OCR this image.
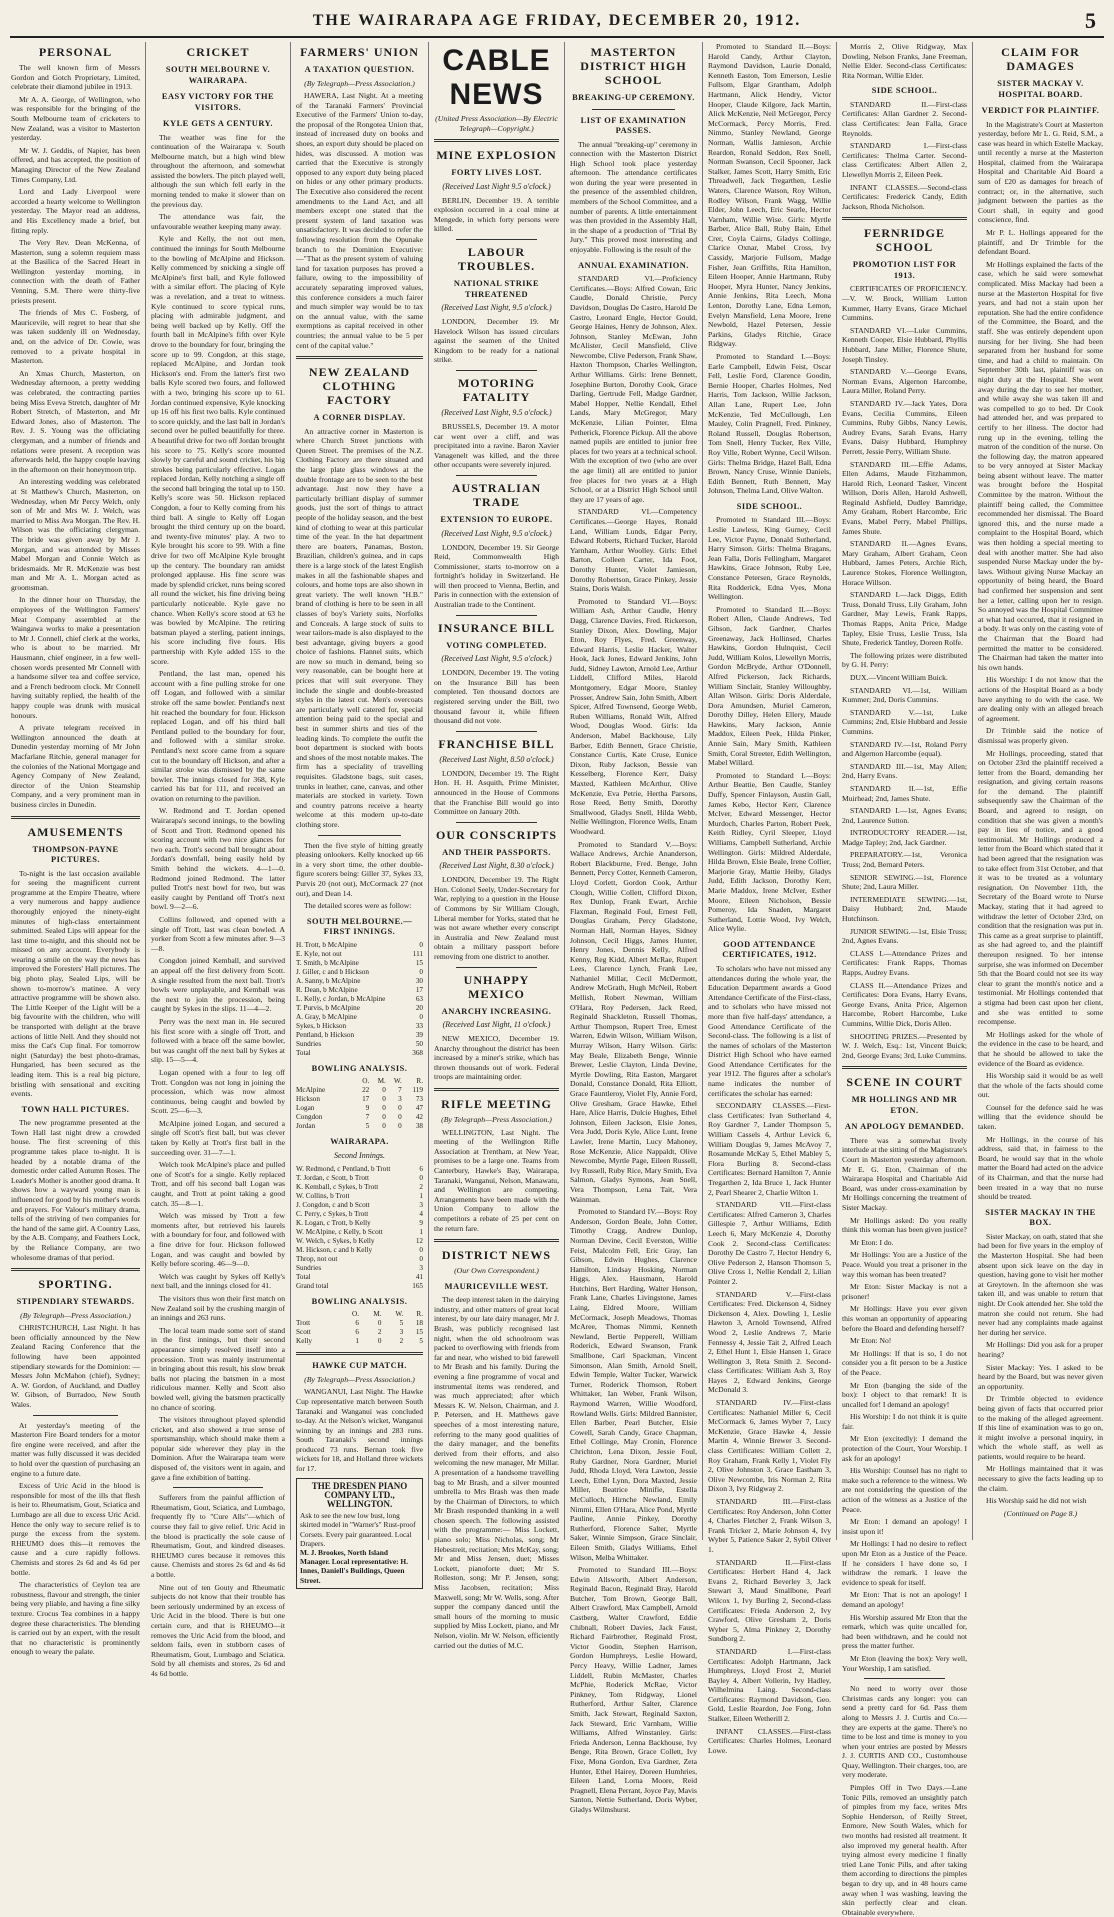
THE WAIRARAPA AGE FRIDAY, DECEMBER 20, 1912.	5
PERSONAL

The well known firm of Messrs Gordon and Gotch Proprietary, Limited, celebrate their diamond jubilee in 1913.

Mr A. A. George, of Wellington, who was responsible for the bringing of the South Melbourne team of cricketers to New Zealand, was a visitor to Masterton yesterday.

Mr W. J. Geddis, of Napier, has been offered, and has accepted, the position of Managing Director of the New Zealand Times Company, Ltd.

Lord and Lady Liverpool were accorded a hearty welcome to Wellington yesterday. The Mayor read an address, and His Excellency made a brief, but fitting reply.

The Very Rev. Dean McKenna, of Masterton, sung a solemn requiem mass at the Basilica of the Sacred Heart in Wellington yesterday morning, in connection with the death of Father Venning, S.M. There were thirty-five priests present.

The friends of Mrs C. Fosberg, of Mauricevile, will regret to hear that she was taken suddenly ill on Wednesday, and, on the advice of Dr. Cowie, was removed to a private hospital in Masterton.

An Xmas Church, Masterton, on Wednesday afternoon, a pretty wedding was celebrated, the contracting parties being Miss Eveva Stretch, daughter of Mr Robert Stretch, of Masterton, and Mr Edward Jones, also of Masterton. The Rev. J. S. Young was the officiating clergyman, and a number of friends and relations were present. A reception was afterwards held, the happy couple leaving in the afternoon on their honeymoon trip.

An interesting wedding was celebrated at St Matthew's Church, Masterton, on Wednesday, when Mr Percy Welch, only son of Mr and Mrs W. J. Welch, was married to Miss Ava Morgan. The Rev. H. Wilson was the officiating clergyman. The bride was given away by Mr J. Morgan, and was attended by Misses Mabel Morgan and Connie Welch as bridesmaids. Mr R. McKenzie was best man and Mr A. L. Morgan acted as groomsman.

In the dinner hour on Thursday, the employees of the Wellington Farmers' Meat Company assembled at the Waingawa works to make a presentation to Mr J. Connell, chief clerk at the works, who is about to be married. Mr Hausmann, chief engineer, in a few well-chosen words presented Mr Connell with a handsome silver tea and coffee service, and a French bedroom clock. Mr Connell having suitably replied, the health of the happy couple was drunk with musical honours.

A private telegram received in Wellington announced the death at Dunedin yesterday morning of Mr John Macfarlane Ritchie, general manager for the colonies of the National Mortgage and Agency Company of New Zealand, director of the Union Steamship Company, and a very prominent man in business circles in Dunedin.

AMUSEMENTS
THOMPSON-PAYNE PICTURES.

To-night is the last occasion available for seeing the magnificent current programme at the Empire Theatre, where a very numerous and happy audience thoroughly enjoyed the ninety-eight minutes of high-class entertainment submitted. Sealed Lips will appear for the last time to-night, and this should not be missed on any account. Everybody is wearing a smile on the way the news has improved the Foresters' Hall pictures. The big photo play, Sealed Lips, will be shown to-morrow's matinee. A very attractive programme will be shown also. The Little Keeper of the Light will be a big favourite with the children, who will be transported with delight at the brave actions of little Nell. And they should not miss the Cat's Cup final. For tomorrow night (Saturday) the best photo-dramas, Hungaried, has been secured as the leading item. This is a real big picture, bristling with sensational and exciting events.

TOWN HALL PICTURES.

The new programme presented at the Town Hall last night drew a crowded house. The first screening of this programme takes place to-night. It is headed by a notable drama of the domestic order called Autumn Roses. The Leader's Mother is another good drama. It shows how a wayward young man is influenced for good by his mother's words and prayers. For Valour's military drama, tells of the striving of two companies for the hand of the same girl. A Country Lass, by the A.B. Company, and Feathers Lock, by the Reliance Company, are two wholesome dramas of that period.

SPORTING.
STIPENDIARY STEWARDS.
(By Telegraph—Press Association.)

CHRISTCHURCH, Last Night. It has been officially announced by the New Zealand Racing Conference that the following have been appointed stipendiary stewards for the Dominion: —Messrs John McMahon (chief), Sydney; A. W. Gordon, of Auckland, and Dudley W. Gibson, of Burradoo, New South Wales.

At yesterday's meeting of the Masterton Fire Board tenders for a motor fire engine were received, and after the matter was fully discussed it was decided to hold over the question of purchasing an engine to a future date.

Excess of Uric Acid in the blood is responsible for most of the ills that flesh is heir to. Rheumatism, Gout, Sciatica and Lumbago are all due to excess Uric Acid. Hence the only way to secure relief is to purge the excess from the system. RHEUMO does this—it removes the cause and a cure rapidly follows. Chemists and stores 2s 6d and 4s 6d per bottle.

The characteristics of Ceylon tea are robustness, flavour and strength, the tinier being very pliable, and having a fine silky texture. Crocus Tea combines in a happy degree these characteristics. The blending is carried out by an expert, with the result that no characteristic is prominently enough to weary the palate.

CRICKET
SOUTH MELBOURNE V. WAIRARAPA.
EASY VICTORY FOR THE VISITORS.
KYLE GETS A CENTURY.

The weather was fine for the continuation of the Wairarapa v. South Melbourne match, but a high wind blew throughout the afternoon, and somewhat assisted the bowlers. The pitch played well, although the sun which fell early in the morning tended to make it slower than on the previous day.

The attendance was fair, the unfavourable weather keeping many away.

Kyle and Kelly, the not out men, continued the innings for South Melbourne to the bowling of McAlpine and Hickson. Kelly commenced by snicking a single off McAlpine's first ball, and Kyle followed with a similar effort. The placing of Kyle was a revelation, and a treat to witness. Kyle continued to score typical runs, placing with admirable judgment, and being well backed up by Kelly. Off the fourth ball in McAlpine's fifth over Kyle drove to the boundary for four, bringing the score up to 99. Congdon, at this stage, replaced McAlpine, and Jordan took Hickson's end. From the latter's first two balls Kyle scored two fours, and followed with a two, bringing his score up to 61. Jordan continued expensive, Kyle knocking up 16 off his first two balls. Kyle continued to score quickly, and the last ball in Jordan's second over he pulled beautifully for three. A beautiful drive for two off Jordan brought his score to 75. Kelly's score mounted slowly by careful and sound cricket, his big strokes being particularly effective. Logan replaced Jordan, Kelly notching a single off the second ball bringing the total up to 150. Kelly's score was 50. Hickson replaced Congdon, a four to Kelly coming from his third ball. A single to Kelly off Logan brought the third century up on the board, and twenty-five minutes' play. A two to Kyle brought his score to 99. With a fine drive for two off McAlpine Kyle brought up the century. The boundary ran amidst prolonged applause. His fine score was made by splendid cricket, runs being scored all round the wicket, his fine driving being particularly noticeable. Kyle gave no chance. When Kelly's score stood at 63 he was bowled by McAlpine. The retiring batsman played a sterling, patient innings, his score including five fours. His partnership with Kyle added 155 to the score.

Pentland, the last man, opened his account with a fine pulling stroke for one off Logan, and followed with a similar stroke off the same bowler. Pentland's next hit reached the boundary for four. Hickson replaced Logan, and off his third ball Pentland pulled to the boundary for four, and followed with a similar stroke. Pentland's next score came from a square cut to the boundary off Hickson, and after a similar stroke was dismissed by the same bowler. The innings closed for 368, Kyle carried his bat for 111, and received an ovation on returning to the pavilion.

W. Redmond and T. Jordan opened Wairarapa's second innings, to the bowling of Scott and Trott. Redmond opened his scoring account with two nice glances for two each. Trott's second ball brought about Jordan's downfall, being easily held by Smith behind the wickets. 4—1—0. Redmond joined Redmond. The latter pulled Trott's next bowl for two, but was easily caught by Pentland off Trott's next bowl. 9—2—6.

Collins followed, and opened with a single off Trott, last was clean bowled. A yorker from Scott a few minutes after. 9—3—8.

Congdon joined Kemball, and survived an appeal off the first delivery from Scott. A single resulted from the next ball. Trott's bowls were unplayable, and Kemball was the next to join the procession, being caught by Sykes in the slips. 11—4—2.

Perry was the next man in. He secured his first score with a single off Trott, and followed with a brace off the same bowler, but was caught off the next ball by Sykes at slip. 15—5—4.

Logan opened with a four to leg off Trott. Congdon was not long in joining the procession, which was now almost continuous, being caught and bowled by Scott. 25—6—3.

McAlpine joined Logan, and secured a single off Scott's first ball, but was clever taken by Kelly at Trott's first ball in the succeeding over. 31—7—1.

Welch took McAlpine's place and pulled one of Scott's for a single. Kelly replaced Trott, and off his second ball Logan was caught, and Trott at point taking a good catch. 35—8—1.

Welch was missed by Trott a few moments after, but retrieved his laurels with a boundary for four, and followed with a fine drive for four. Hickson followed Logan, and was caught and bowled by Kelly before scoring. 46—9—0.

Welch was caught by Sykes off Kelly's next ball, and the innings closed for 41.

The visitors thus won their first match on New Zealand soil by the crushing margin of an innings and 263 runs.

The local team made some sort of stand in the first innings, but their second appearance simply resolved itself into a procession. Trott was mainly instrumental in bringing about this result, his slow break balls not placing the batsmen in a most ridiculous manner. Kelly and Scott also bowled well, giving the batsmen practically no chance of scoring.

The visitors throughout played splendid cricket, and also showed a true sense of sportsmanship, which should make them a popular side wherever they play in the Dominion. After the Wairarapa team were disposed of, the visitors went in again, and gave a fine exhibition of batting.

Sufferers from the painful affliction of Rheumatism, Gout, Sciatica, and Lumbago, frequently fly to "Cure Alls"—which of course they fail to give relief. Uric Acid in the blood is practically the sole cause of Rheumatism, Gout, and kindred diseases. RHEUMO cures because it removes this cause. Chemists and stores 2s 6d and 4s 6d a bottle.

Nine out of ten Gouty and Rheumatic subjects do not know that their trouble has been seriously undermined by an excess of Uric Acid in the blood. There is but one certain cure, and that is RHEUMO—it removes the Uric Acid from the blood, and seldom fails, even in stubborn cases of Rheumatism, Gout, Lumbago and Sciatica. Sold by all chemists and stores, 2s 6d and 4s 6d bottle.

FARMERS' UNION
A TAXATION QUESTION.
(By Telegraph—Press Association.)

HAWERA, Last Night. At a meeting of the Taranaki Farmers' Provincial Executive of the Farmers' Union to-day, the proposal of the Rongotea Union that, instead of increased duty on books and shoes, an export duty should be placed on hides, was discussed. A motion was carried that the Executive is strongly opposed to any export duty being placed on hides or any other primary products. The Executive also considered the recent amendments to the Land Act, and all members except one stated that the present system of land taxation was unsatisfactory. It was decided to refer the following resolution from the Opunake branch to the Dominion Executive:—"That as the present system of valuing land for taxation purposes has proved a failure, owing to the impossibility of accurately separating improved values, this conference considers a much fairer and much simpler way would be to tax on the annual value, with the same exemptions as capital received in other countries; the annual value to be 5 per cent of the capital value."

NEW ZEALAND CLOTHING FACTORY
A CORNER DISPLAY.

An attractive corner in Masterton is where Church Street junctions with Queen Street. The premises of the N.Z. Clothing Factory are there situated and the large plate glass windows at the double frontage are to be seen to the best advantage. Just now they have a particularly brilliant display of summer goods, just the sort of things to attract people of the holiday season, and the best kind of clothing to wear at this particular time of the year. In the hat department there are boaters, Panamas, Boston, Brazilian, children's guinea, and in caps there is a large stock of the latest English makes in all the fashionable shapes and colours, and home tops are also shown in great variety. The well known "H.B." brand of clothing is here to be seen in all classes of boy's Variety suits, Norfolks and Conceals. A large stock of suits to wear tailors-made is also displayed to the best advantage, giving buyers a good choice of fashions. Flannel suits, which are now so much in demand, being so very reasonable, can be bought here at prices that will suit everyone. They include the single and double-breasted styles in the latest cut. Men's overcoats are particularly well catered for, special attention being paid to the special and best in summer shirts and ties of the leading kinds. To complete the outfit the boot department is stocked with boots and shoes of the most notable makes. The firm has a speciality of travelling requisites. Gladstone bags, suit cases, trunks in leather, cane, canvas, and other materials are stocked in variety. Town and country patrons receive a hearty welcome at this modern up-to-date clothing store.

Then the five style of hitting greatly pleasing onlookers. Kelly knocked up 66 in a very short time, the other double-figure scorers being: Giller 37, Sykes 33, Purvis 20 (not out), McCormack 27 (not out), and Dean 14.

The detailed scores were as follow:

SOUTH MELBOURNE.—FIRST INNINGS.
H. Trott, b McAlpine	0
E. Kyle, not out	111
T. Smith, b McAlpine	15
J. Giller, c and b Hickson	0
A. Sanny, b McAlpine	30
R. Dean, b McAlpine	17
L. Kelly, c Jordan, b McAlpine	63
T. Purvis, b McAlpine	20
A. Gray, b McAlpine	0
Sykes, b Hickson	33
Pentland, b Hickson	39
Sundries	50
Total	368
BOWLING ANALYSIS.
	O.	M.	W.	R.
McAlpine	22	0	7	119
Hickson	17	0	3	73
Logan	9	0	0	47
Congdon	7	0	0	42
Jordan	5	0	0	38
WAIRARAPA.
Second Innings.
W. Redmond, c Pentland, b Trott	6
T. Jordan, c Scott, b Trott	0
K. Kemball, c Sykes, b Trott	2
W. Collins, b Trott	1
J. Congdon, c and b Scott	3
C. Perry, c Sykes, b Trott	4
K. Logan, c Trott, b Kelly	9
W. McAlpine, c Kelly, b Scott	1
W. Welch, c Sykes, b Kelly	12
M. Hickson, c and b Kelly	0
Throp, not out	0
Sundries	3
Total	41
Grand total	165
BOWLING ANALYSIS.
	O.	M.	W.	R.
Trott	6	0	5	18
Scott	6	2	3	15
Kelly	1	0	2	5
HAWKE CUP MATCH.
(By Telegraph—Press Association.)

WANGANUI, Last Night. The Hawke Cup representative match between South Taranaki and Wanganui was concluded to-day. At the Nelson's wicket, Wanganui winning by an innings and 283 runs. South Taranaki's second innings produced 73 runs. Bernan took five wickets for 18, and Holland three wickets for 17.

THE DRESDEN PIANO COMPANY LTD., WELLINGTON.
Ask to see the new low bust, long skirted model in "Warner's" Rust-proof Corsets. Every pair guaranteed. Local Drapers.
M. J. Brookes, North Island Manager. Local representative: H. Innes, Daniell's Buildings, Queen Street.
CABLE NEWS
(United Press Association—By Electric Telegraph—Copyright.)
MINE EXPLOSION
FORTY LIVES LOST.
(Received Last Night 9.5 o'clock.)

BERLIN, December 19. A terrible explosion occurred in a coal mine at Mengede, in which forty persons were killed.

LABOUR TROUBLES.
NATIONAL STRIKE THREATENED
(Received Last Night, 9.5 o'clock.)

LONDON, December 19. Mr Havelock Wilson has issued circulars against the seamen of the United Kingdom to be ready for a national strike.

MOTORING FATALITY
(Received Last Night, 9.5 o'clock.)

BRUSSELS, December 19. A motor car went over a cliff, and was precipitated into a ravine. Baron Xavier Vanagenelt was killed, and the three other occupants were severely injured.

AUSTRALIAN TRADE
EXTENSION TO EUROPE.
(Received Last Night, 9.5 o'clock.)

LONDON, December 19. Sir George Reid, Commonwealth High Commissioner, starts to-morrow on a fortnight's holiday in Switzerland. He will then proceed to Vienna, Berlin, and Paris in connection with the extension of Australian trade to the Continent.

INSURANCE BILL
VOTING COMPLETED.
(Received Last Night, 9.5 o'clock.)

LONDON, December 19. The voting on the Insurance Bill has been completed. Ten thousand doctors are registered serving under the Bill, two thousand favour it, while fifteen thousand did not vote.

FRANCHISE BILL
(Received Last Night, 8.50 o'clock.)

LONDON, December 19. The Right Hon. H. H. Asquith, Prime Minister, announced in the House of Commons that the Franchise Bill would go into Committee on January 20th.

OUR CONSCRIPTS
AND THEIR PASSPORTS.
(Received Last Night, 8.30 o'clock.)

LONDON, December 19. The Right Hon. Colonel Seely, Under-Secretary for War, replying to a question in the House of Commons by Sir William Clough, Liberal member for Yorks, stated that he was not aware whether every conscript in Australia and New Zealand must obtain a military passport before removing from one district to another.

UNHAPPY MEXICO
ANARCHY INCREASING.
(Received Last Night, 11 o'clock.)

NEW MEXICO, December 19. Anarchy throughout the district has been increased by a miner's strike, which has thrown thousands out of work. Federal troops are maintaining order.

RIFLE MEETING
(By Telegraph—Press Association.)

WELLINGTON, Last Night. The meeting of the Wellington Rifle Association at Trentham, at New Year, promises to be a large one. Teams from Canterbury, Hawke's Bay, Wairarapa, Taranaki, Wanganui, Nelson, Manawatu, and Wellington are competing. Arrangements have been made with the Union Company to allow the competitors a rebate of 25 per cent on the return fare.

DISTRICT NEWS
(Our Own Correspondent.)
MAURICEVILLE WEST.

The deep interest taken in the dairying industry, and other matters of great local interest, by our late dairy manager, Mr J. Brash, was publicly recognised last night, when the old schoolroom was packed to overflowing with friends from far and near, who wished to bid farewell to Mr Brash and his family. During the evening a fine programme of vocal and instrumental items was rendered, and was much appreciated; after which Messrs K. W. Nelson, Chairman, and J. P. Petersen, and H. Matthews gave speeches of a most interesting nature, referring to the many good qualities of the dairy manager, and the benefits derived from their efforts, and also welcoming the new manager, Mr Millar. A presentation of a handsome travelling bag to Mr Brash, and a silver mounted umbrella to Mrs Brash was then made by the Chairman of Directors, to which Mr Brash responded thanking in a well chosen speech. The following assisted with the programme:— Miss Lockett, piano solo; Miss Nicholas, song; Mr Hebestreit, recitation; Mrs McKay, song; Mr and Miss Jensen, duet; Misses Lockett, pianoforte duet; Mr S. Rolleston, song; Mr P. Jensen, song; Miss Jacobsen, recitation; Miss Maxwell, song; Mr W. Wells, song. After supper the company danced until the small hours of the morning to music supplied by Miss Lockett, piano, and Mr Nelson, violin. Mr W. Nelson, efficiently carried out the duties of M.C.

MASTERTON DISTRICT HIGH SCHOOL
BREAKING-UP CEREMONY.
LIST OF EXAMINATION PASSES.

The annual "breaking-up" ceremony in connection with the Masterton District High School took place yesterday afternoon. The attendance certificates won during the year were presented in the presence of the assembled children, members of the School Committee, and a number of parents. A little entertainment was then provided in the Assembly Hall, in the shape of a production of "Trial By Jury." This proved most interesting and enjoyable. Following is the result of the

ANNUAL EXAMINATION.

STANDARD VI.—Proficiency Certificates.—Boys: Alfred Cowan, Eric Caudle, Donald Christie, Percy Davidson, Douglas De Castro, Harold De Castro, Leonard Engle, Hector Gould, George Haines, Henry de Johnson, Alex. Johnson, Stanley McEwan, John McAlister, Cecil Mansfield, Clive Newcombe, Clive Pederson, Frank Shaw, Haxton Thompson, Charles Wellington, Arthur Williams. Girls: Irene Bennett, Josephine Burton, Dorothy Cook, Grace Darling, Gertrude Fell, Madge Gardner, Mabel Hopper, Nellie Kendall, Ethel Lands, Mary McGregor, Mary McKenzie, Lilian Pointer, Elma Petherick, Florence Pickup. All the above named pupils are entitled to junior free places for two years at a technical school. With the exception of two (who are over the age limit) all are entitled to junior free places for two years at a High School, or at a District High School until they are 17 years of age.

STANDARD VI.—Competency Certificates.—George Hayes, Ronald Land, William Lunds, Edgar Perry, Edward Roberts, Richard Tucker, Harold Yarnham, Arthur Woolley. Girls: Ethel Barton, Colleen Carter, Ida Foot, Dorothy Hunter, Violet Jamieson, Dorothy Robertson, Grace Pinkey, Jessie Stains, Doris Walsh.

Promoted to Standard VI.—Boys: William Ash, Arthur Caudle, Henry Dagg, Clarence Davies, Fred. Rickerson, Stanley Dixon, Alex. Dowling, Major Eton, Roy Flyes, Fred. Greenway, Edward Harris, Leslie Hacker, Walter Hook, Jack Jones, Edward Jenkins, John Judd, Sidney Lawton, Arnold Lee, Arthur Liddell, Clifford Miles, Harold Montgomery, Edgar Moore, Stanley Prosser, Andrew Sain, John Smith, Albert Spicer, Alfred Townsend, George Webb, Ruben Williams, Ronald Wilt, Alfred Wood, Douglas Wood. Girls: Ida Anderson, Mabel Backhouse, Lily Barber, Edith Bennett, Grace Christie, Constance Curtis, Kate Cruse, Eunice Dixon, Ruby Jackson, Bessie van Kesselberg, Florence Kerr, Daisy Maxted, Kathleen McArthur, Olive McKenzie, Eva Petrie, Hertha Parsons, Rose Reed, Betty Smith, Dorothy Smallwood, Gladys Snell, Hilda Webb, Nellie Wellington, Florence Wells, Enam Woodward.

Promoted to Standard V.—Boys: Wallace Andrews, Archie Ananderson, Robert Blackburne, Fred. Benge, John Bennett, Percy Cotter, Kenneth Cameron, Lloyd Corlett, Gordon Cook, Arthur Clough, Willie Collett, Clifford Dixon, Rex Dunlop, Frank Ewart, Archie Flaxman, Reginald Foul, Ernest Fell, Douglas Graham, Percy Gladstone, Norman Hall, Norman Hayes, Sidney Johnson, Cecil Higgs, James Hunter, Henry Jones, Dennis Kelly, Alfred Kenny, Reg Kidd, Albert McRae, Rupert Lees, Clarence Lynch, Frank Lee, Nathaniel Millar, Cecil McDermott, Andrew McGrath, Hugh McNeil, Robert Mellish, Robert Newman, William O'Hara, Roy Pedersen, Jack Reed, Reginald Shackleton, Russell Thomas, Arthur Thompson, Rupert Tree, Ernest Warren, Edwin Wilson, William Wilson, Murray Wilson, Harry Wilson. Girls: May Beale, Elizabeth Benge, Winnie Brewer, Leslie Clayton, Linda Devine, Myrtle Dowling, Rita Easton, Margaret Donald, Constance Donald, Rita Elliott, Grace Fauntleroy, Violet Fly, Annie Ford, Olive Gresham, Grace Hawke, Ethel Hare, Alice Harris, Dulcie Hughes, Ethel Johnson, Eileen Jackson, Elsie Jones, Vera Judd, Doris Kyle, Alice Lunt, Irene Lawler, Irene Martin, Lucy Mahoney, Rose McKenzie, Alice Nappaldt, Olive Newcombe, Myrtle Page, Eileen Russell, Ivy Russell, Ruby Rice, Mary Smith, Eva Salmon, Gladys Symons, Jean Snell, Vera Thompson, Lena Tait, Vera Wainman.

Promoted to Standard IV.—Boys: Roy Anderson, Gordon Beale, John Cotter, Timothy Cragg, Andrew Dunlop, Norman Devine, Cecil Everston, Willie Feist, Malcolm Fell, Eric Gray, Ian Gibson, Edwin Hughes, Clarence Hamilton, Lindsay Hosking, Norman Higgs, Alex. Hausmann, Harold Hutchins, Bert Harding, Walter Henson, Frank Lane, Charles Livingstone, James Laing, Eldred Moore, William McCormack, Joseph Meadows, Thomas McAree, Thomas Nimmi, Kenneth Newland, Bertie Pepperell, William Roderick, Edward Swanson, Frank Smallbone, Carl Spackman, Vincent Simonson, Alan Smith, Arnold Snell, Edwin Temple, Walter Tucker, Warwick Turner, Roderick Thomson, Robert Whittaker, Ian Weber, Frank Wilson, Raymond Warren, Willie Woodford, Rowland Wells. Girls: Mildred Bannister, Ellen Barber, Pearl Butcher, Elsie Cowell, Sarah Candy, Grace Chapman, Ethel Collinge, May Cronin, Florence Chrichton, Lena Dixon, Jessie Foul, Ruby Gardner, Nora Gardner, Muriel Judd, Rhoda Lloyd, Vera Lawton, Jessie Leech, Ethel Lynn, Dora Maxted, Jessie Miller, Beatrice Minifie, Estella McCulloch, Hirnche Newland, Emily Nimmi, Ellen O'Hara, Alice Pond, Myrtle Pauline, Annie Pinkey, Dorothy Rutherford, Florence Salter, Myrtle Saker, Winnie Simpson, Grace Sinclair, Eileen Smith, Gladys Williams, Ethel Wilson, Melba Whittaker.

Promoted to Standard III.—Boys: Edwin Allsworth, Albert Anderson, Reginald Bacon, Reginald Bray, Harold Butcher, Tom Brown, George Ball, Albert Crawford, Max Campbell, Arnold Castberg, Walter Crawford, Eddie Chibnall, Robert Davies, Jack Faust, Richard Fairbrother, Reginald Frost, Victor Goodin, Stephen Harrison, Gordon Humphreys, Leslie Howard, Percy Heavy, Willie Ladner, James Liddell, Rubin McMaster, Charles McPhie, Roderick McRae, Victor Pinkney, Tom Ridgway, Lionel Rutherford, Arthur Salter, Clarence Smith, Jack Stewart, Reginald Saxton, Jack Steward, Eric Varnham, Willie Williams, Alfred Winstanley. Girls: Frieda Anderson, Lenna Backhouse, Ivy Benge, Rita Brown, Grace Collett, Ivy Fixe, Mona Gordon, Eva Gardner, Zeta Hunter, Ethel Hairey, Doreen Humhries, Eileen Land, Lorna Moore, Reid Pragnell, Elena Perrant, Joyce Pay, Mavis Santon, Nettie Sutherland, Doris Wyber, Gladys Wilmshurst.

Promoted to Standard II.—Boys: Harold Candy, Arthur Clayton, Raymond Davidson, Laurie Donald, Kenneth Easton, Tom Emerson, Leslie Fullsom, Elgar Grantham, Adolph Hartmann, Alick Hendry, Victor Hooper, Claude Kilgore, Jack Martin, Alick McKenzie, Neil McGregor, Percy McCormack, Percy Morris, Fred. Nimmo, Stanley Newland, George Norman, Wallis Jamieson, Archie Reardon, Ronald Seddon, Rex Snell, Norman Swanson, Cecil Spooner, Jack Stalker, James Scott, Harry Smith, Eric Threadwell, Jack Tregarthen, Leslie Waters, Clarence Watson, Roy Wilton, Rodley Wilson, Frank Wagg, Willie Elder, John Leech, Eric Searle, Hector Varnham, Willie Wise. Girls: Myrtle Barber, Alice Ball, Ruby Bain, Ethel Crer, Coyla Cairns, Gladys Collinge, Clarice Oxnar, Mabel Cross, Ivy Cassidy, Marjorie Fullsom, Madge Fisher, Jean Griffiths, Rita Hamilton, Eileen Hooper, Annie Hartmann, Ruby Hooper, Myra Hunter, Nancy Jenkins, Annie Jenkins, Rita Leech, Mona Lenton, Dorothy Lane, Edna Lemon, Evelyn Mansfield, Lena Moore, Irene Newbold, Hazel Petersen, Jessie Parkins, Gladys Ritchie, Grace Ridgway.

Promoted to Standard I.—Boys: Earle Campbell, Edwin Feist, Oscar Fell, Leslie Ford, Clarence Goodin, Bernie Hooper, Charles Holmes, Ned Harris, Tom Jackson, Willie Jackson, Allan Lane, Rupert Lee, John McKenzie, Ted McCullough, Len Mauley, Colin Pragnell, Fred. Pinkney, Roland Russell, Douglas Robertson, Tom Snell, Henry Tucker, Rex Ville, Roy Ville, Robert Wynne, Cecil Wilson. Girls: Thelma Bridge, Hazel Ball, Edna Brown, Nancy Cruse, Winnie Daniels, Edith Bennett, Ruth Bennett, May Johnson, Thelma Land, Olive Walton.

SIDE SCHOOL.

Promoted to Standard III.—Boys: Leslie Lawless, King Gurney, Cecil Lee, Victor Payne, Donald Sutherland, Harry Simson. Girls: Thelma Bragans, Jean Falla, Doris Fellingham, Margaret Hawkins, Grace Johnson, Ruby Lee, Constance Petersen, Grace Reynolds, Rita Rodderick, Edna Vyes, Mona Wellington.

Promoted to Standard II.—Boys: Robert Allen, Claude Andrews, Ted Gibson, Jack Gardner, Charles Greenaway, Jack Hollinsed, Charles Hawkins, Gordon Hulnquist, Cecil Judd, William Kolos, Llewellyn Morris, Gordon McBryde, Arthur O'Donnell, Alfred Pickerson, Jack Richards, William Sinclair, Stanley Willoughby, Allan Wilson. Girls: Doris Alderdale, Dora Amundsen, Muriel Cameron, Dorothy Dilley, Helen Ellery, Maude Hawkins, Mary Jackson, Annie Maddox, Eileen Peek, Hilda Pinker, Annie Sain, Mary Smith, Kathleen Smith, Coral Streeter, Edith Wellington, Mabel Willard.

Promoted to Standard I.—Boys: Arthur Beattie, Ben Caudle, Stanley Duffy, Spencer Finlayson, Austin Gall, James Kebo, Hector Kerr, Clarence McIver, Edward Messenger, Hector Murdoch, Charles Parton, Robert Peek, Keith Ridley, Cyril Sleeper, Lloyd Williams, Campbell Sutherland, Archie Wellington. Girls: Mildred Alderdale, Hilda Brown, Elsie Beale, Irene Collier, Marjorie Gray, Mattie Heiby, Gladys Judd, Edith Jackson, Dorothy Kerr, Marie Maddox, Irene McIver, Esther Moore, Eileen Nicholson, Bessie Pomeroy, Ida Snaden, Margaret Sutherland, Lottie Wood, Ivy Welch, Alice Wylie.

GOOD ATTENDANCE CERTIFICATES, 1912.

To scholars who have not missed any attendances during the whole year, the Education Department awards a Good Attendance Certificate of the First-class, and to scholars who have missed not more than five half-days' attendance, a Good Attendance Certificate of the Second-class. The following is a list of the names of scholars of the Masterton District High School who have earned Good Attendance Certificates for the year 1912. The figures after a scholar's name indicates the number of certificates the scholar has earned:

SECONDARY CLASSES.—First-class Certificates: Ivan Sutherland 4, Roy Gardner 7, Lander Thompson 5, William Cassels 4, Arthur Levick 6, William Douglas 9, James McAvoy 7, Rosamunde McKay 5, Ethel Mabley 5, Flora Burling 8. Second-class Certificates: Bernard Hamilton 7, Annie Tregarthen 2, Ida Bruce 1, Jack Hunter 2, Pearl Shearer 2, Charlie Wilton 1.

STANDARD VII.—First-class Certificates: Alfred Cameron 3, Charles Gillespie 7, Arthur Williams, Edith Leech 6, Mary McKenzie 4, Dorothy Cook 2. Second-class Certificates: Dorothy De Castro 7, Hector Hendry 6, Olive Pederson 2, Hanson Thomson 5, Olive Cross 1, Nellie Kendall 2, Lilian Pointer 2.

STANDARD V.—First-class Certificates: Fred. Dickenson 4, Sidney Dickenson 4, Alex. Dowling 1, Leslie Hawton 3, Arnold Townsend, Alfred Wood 2, Leslie Andrews 7, Marie Fennessy 4, Jessie Tait 2, Alfred Leach 2, Ethel Hunt 1, Elsie Hansen 1, Grace Wellington 3, Reta Smith 2. Second-class Certificates: William Ash 3, Roy Hayes 2, Edward Jenkins, George McDonald 3.

STANDARD IV.—First-class Certificates: Nathaniel Miller 6, Cecil McCormack 6, James Wyber 7, Lucy McKenzie, Grace Hawke 4, Jessie Martin 4, Winnie Brewer 3. Second-class Certificates: William Collett 2, Roy Graham, Frank Kelly 1, Violet Fly 2, Olive Johnston 3, Grace Eastham 3, Olive Newcombe, Iris Norman 2, Rita Dixon 3, Ivy Ridgway 2.

STANDARD III.—First-class Certificates: Roy Anderson, John Cotter 4, Charles Fletcher 2, Frank Wilson 3, Frank Tricker 2, Marie Johnson 4, Ivy Wyber 5, Patience Saker 2, Sybil Oliver 1.

STANDARD II.—First-class Certificates: Herbert Hand 4, Jack Evans 2, Richard Beverley 3, Jack Stewart 3, Maud Smallbone, Pearl Wilcox 1, Ivy Burling 2, Second-class Certificates: Frieda Anderson 2, Ivy Crawford, Olive Gresham 2, Doris Wyber 5, Alma Pinkney 2, Dorothy Sundborg 2.

STANDARD I.—First-class Certificates: Adolph Hartmann, Jack Humphreys, Lloyd Frost 2, Muriel Bayley 4, Albert Vollerin, Ivy Hadley, Wilhelmina Laing. Second-class Certificates: Raymond Davidson, Geo. Gold, Leslie Reardon, Joe Fong, John Stalker, Eileen Wetherill 2.

INFANT CLASSES.—First-class Certificates: Charles Holmes, Leonard Lowe.

Morris 2, Olive Ridgway, Max Dowling, Nelson Franks, Jane Freeman, Nellie Elder. Second-class Certificates: Rita Norman, Willie Elder.

SIDE SCHOOL.

STANDARD II.—First-class Certificates: Allan Gardner 2. Second-class Certificates: Jean Falla, Grace Reynolds.

STANDARD I.—First-class Certificates: Thelma Carter. Second-class Certificates: Albert Allen 2, Llewellyn Morris 2, Eileen Peek.

INFANT CLASSES.—Second-class Certificates: Frederick Candy, Edith Jackson, Rhoda Nicholson.

FERNRIDGE SCHOOL
PROMOTION LIST FOR 1913.

CERTIFICATES OF PROFICIENCY.—V. W. Brock, William Lutton Kummer, Harry Evans, Grace Michael Cummins.

STANDARD VI.—Luke Cummins, Kenneth Cooper, Elsie Hubbard, Phyllis Hubbard, Jane Miller, Florence Shute, Joseph Tinsley.

STANDARD V.—George Evans, Norman Evans, Algernon Harcombe, Laura Miller, Roland Perry.

STANDARD IV.—Jack Yates, Dora Evans, Cecilia Cummins, Eileen Cummins, Ruby Gibbs, Nancy Lewis, Audrey Evans, Sarah Evans, Harry Evans, Daisy Hubbard, Humphrey Perrett, Jessie Perry, William Shute.

STANDARD III.—Effie Adams, Ellen Adams, Maude Fitzhammon, Harold Rich, Leonard Tasker, Vincent Willson, Doris Allen, Harold Ashwell, Reginald Ashfield, Dudley Bamridge, Amy Graham, Robert Harcombe, Eric Evans, Mabel Perry, Mabel Phillips, James Shute.

STANDARD II.—Agnes Evans, Mary Graham, Albert Graham, Ceon Hubbard, James Peters, Archie Rich, Laurence Stokes, Florence Wellington, Horace Willson.

STANDARD I.—Jack Diggs, Edith Truss, Donald Truss, Lily Graham, John Gardner, May Lewis, Frank Rapps, Thomas Rapps, Anita Price, Madge Tapley, Elsie Truss, Leslie Truss, Isla Shute, Frederick Tantley, Doreen Rolfe.

The following prizes were distributed by G. H. Perry:

DUX.—Vincent William Buick.

STANDARD VI.—1st, William Kummer; 2nd, Doris Cummins.

STANDARD V.—1st, Luke Cummins; 2nd, Elsie Hubbard and Jessie Cummins.

STANDARD IV.—1st, Roland Perry and Algernon Harcombe (equal).

STANDARD III.—1st, May Allen; 2nd, Harry Evans.

STANDARD II.—1st, Effie Muirhead; 2nd, James Shute.

STANDARD I.—1st, Agnes Evans; 2nd, Laurence Sutton.

INTRODUCTORY READER.—1st, Madge Tapley; 2nd, Jack Gardner.

PREPARATORY.—1st, Veronica Truss; 2nd, Bernard Peters.

SENIOR SEWING.—1st, Florence Shute; 2nd, Laura Miller.

INTERMEDIATE SEWING.—1st, Daisy Hubbard; 2nd, Maude Hutchinson.

JUNIOR SEWING.—1st, Elsie Truss; 2nd, Agnes Evans.

CLASS I.—Attendance Prizes and Certificates: Frank Rapps, Thomas Rapps, Audrey Evans.

CLASS II.—Attendance Prizes and Certificates: Dora Evans, Harry Evans, George Evans, Anita Price, Algernon Harcombe, Robert Harcombe, Luke Cummins, Willie Dick, Doris Allen.

SHOOTING PRIZES.—Presented by W. J. Welch, Esq.: 1st, Vincent Buick; 2nd, George Evans; 3rd, Luke Cummins.

SCENE IN COURT
MR HOLLINGS AND MR ETON.
AN APOLOGY DEMANDED.

There was a somewhat lively interlude at the sitting of the Magistrate's Court in Masterton yesterday afternoon. Mr E. G. Eton, Chairman of the Wairarapa Hospital and Charitable Aid Board, was under cross-examination by Mr Hollings concerning the treatment of Sister Mackay.

Mr Hollings asked: Do you really think this woman has been given justice?

Mr Eton: I do.

Mr Hollings: You are a Justice of the Peace. Would you treat a prisoner in the way this woman has been treated?

Mr Eton: Sister Mackay is not a prisoner!

Mr Hollings: Have you ever given this woman an opportunity of appearing before the Board and defending herself?

Mr Eton: No!

Mr Hollings: If that is so, I do not consider you a fit person to be a Justice of the Peace.

Mr Eton (banging the side of the box): I object to that remark! It is uncalled for! I demand an apology!

His Worship: I do not think it is quite fair.

Mr Eton (excitedly): I demand the protection of the Court, Your Worship. I ask for an apology!

His Worship: Counsel has no right to make such a reference to the witness. We are not considering the question of the action of the witness as a Justice of the Peace.

Mr Eton: I demand an apology! I insist upon it!

Mr Hollings: I had no desire to reflect upon Mr Eton as a Justice of the Peace. If he considers I have done so, I withdraw the remark. I leave the evidence to speak for itself.

Mr Eton: That is not an apology! I demand an apology!

His Worship assured Mr Eton that the remark, which was quite uncalled for, had been withdrawn, and he could not press the matter further.

Mr Eton (leaving the box): Very well, Your Worship, I am satisfied.

No need to worry over those Christmas cards any longer: you can send a pretty card for 6d. Pass them along to Messrs J. J. Curtis and Co.—they are experts at the game. There's no time to be lost and time is money to you when your entries are posted by Messrs J. J. CURTIS AND CO., Customhouse Quay, Wellington. Their charges, too, are very moderate.

Pimples Off in Two Days.—Lane Tonic Pills, removed an unsightly patch of pimples from my face, writes Mrs Sophie Henderson, of Reilly Street, Enmore, New South Wales, which for two months had resisted all treatment. It also improved my general health. After trying almost every medicine I finally tried Lane Tonic Pills, and after taking them according to directions the pimples began to dry up, and in 48 hours came away when I was washing, leaving the skin perfectly clear and clean. Obtainable everywhere.

CLAIM FOR DAMAGES
SISTER MACKAY V. HOSPITAL BOARD.
VERDICT FOR PLAINTIFF.

In the Magistrate's Court at Masterton yesterday, before Mr L. G. Reid, S.M., a case was heard in which Estelle Mackay, until recently a nurse at the Masterton Hospital, claimed from the Wairarapa Hospital and Charitable Aid Board a sum of £20 as damages for breach of contract; or, in the alternative, such judgment between the parties as the Court shall, in equity and good conscience, find.

Mr P. L. Hollings appeared for the plaintiff, and Dr Trimble for the defendant Board.

Mr Hollings explained the facts of the case, which he said were somewhat complicated. Miss Mackay had been a nurse at the Masterton Hospital for five years, and had not a stain upon her reputation. She had the entire confidence of the Committee, the Board, and the staff. She was entirely dependent upon nursing for her living. She had been separated from her husband for some time, and had a child to maintain. On September 30th last, plaintiff was on night duty at the Hospital. She went away during the day to see her mother, and while away she was taken ill and was compelled to go to bed. Dr Cook had attended her, and was prepared to certify to her illness. The doctor had rung up in the evening, telling the matron of the condition of the nurse. On the following day, the matron appeared to be very annoyed at Sister Mackay being absent without leave. The matter was brought before the Hospital Committee by the matron. Without the plaintiff being called, the Committee recommended her dismissal. The Board ignored this, and the nurse made a complaint to the Hospital Board, which was then holding a special meeting to deal with another matter. She had also suspended Nurse Mackay under the by-laws. Without giving Nurse Mackay an opportunity of being heard, the Board had confirmed her suspension and sent her a letter, calling upon her to resign. So annoyed was the Hospital Committee at what had occurred, that it resigned in a body. It was only on the casting vote of the Chairman that the Board had permitted the matter to be considered. The Chairman had taken the matter into his own hands.

His Worship: I do not know that the actions of the Hospital Board as a body have anything to do with the case. We are dealing only with an alleged breach of agreement.

Dr Trimble said the notice of dismissal was properly given.

Mr Hollings, proceeding, stated that on October 23rd the plaintiff received a letter from the Board, demanding her resignation, and giving certain reasons for the demand. The plaintiff subsequently saw the Chairman of the Board, and agreed to resign, on condition that she was given a month's pay in lieu of notice, and a good testimonial. Mr Hollings produced a letter from the Board which stated that it had been agreed that the resignation was to take effect from 31st October, and that it was to be treated as a voluntary resignation. On November 11th, the Secretary of the Board wrote to Nurse Mackay, stating that it had agreed to withdraw the letter of October 23rd, on condition that the resignation was put in. This came as a great surprise to plaintiff, as she had agreed to, and the plaintiff thereupon resigned. To her intense surprise, she was informed on December 5th that the Board could not see its way clear to grant the month's notice and a testimonial. Mr Hollings contended that a stigma had been cast upon her client, and she was entitled to some recompense.

Mr Hollings asked for the whole of the evidence in the case to be heard, and that he should be allowed to take the evidence of the Board as evidence.

His Worship said it would be as well that the whole of the facts should come out.

Counsel for the defence said he was willing that the evidence should be taken.

Mr Hollings, in the course of his address, said that, in fairness to the Board, he would say that in the whole matter the Board had acted on the advice of its Chairman, and that the nurse had been treated in a way that no nurse should be treated.

SISTER MACKAY IN THE BOX.

Sister Mackay, on oath, stated that she had been for five years in the employ of the Masterton Hospital. She had been absent upon sick leave on the day in question, having gone to visit her mother at Greytown. In the afternoon she was taken ill, and was unable to return that night. Dr Cook attended her. She told the matron she could not return. She had never had any complaints made against her during her service.

Mr Hollings: Did you ask for a proper hearing?

Sister Mackay: Yes. I asked to be heard by the Board, but was never given an opportunity.

Dr Trimble objected to evidence being given of facts that occurred prior to the making of the alleged agreement. If this line of examination was to go on, it might involve a personal inquiry, in which the whole staff, as well as patients, would require to be heard.

Mr Hollings maintained that it was necessary to give the facts leading up to the claim.

His Worship said he did not wish

(Continued on Page 8.)
